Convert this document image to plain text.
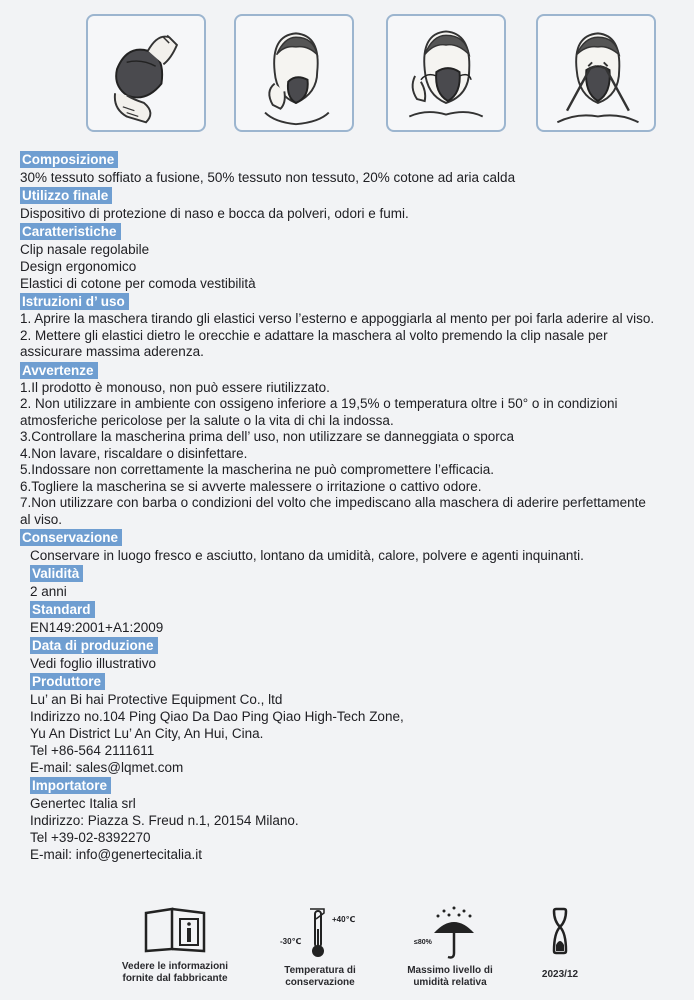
Composizione
30% tessuto soffiato a fusione, 50% tessuto non tessuto, 20% cotone ad aria calda
Utilizzo finale
Dispositivo di protezione di naso e bocca da polveri, odori e fumi.
Caratteristiche
Clip nasale regolabile
Design ergonomico
Elastici di cotone per comoda vestibilità
Istruzioni d’ uso
1. Aprire la maschera tirando gli elastici verso l’esterno e appoggiarla al mento per poi farla aderire al viso.
2. Mettere gli elastici dietro le orecchie e adattare la maschera al volto premendo la clip nasale per assicurare massima aderenza.
Avvertenze
1.Il prodotto è monouso, non può essere riutilizzato.
2. Non utilizzare in ambiente con ossigeno inferiore a 19,5% o temperatura oltre i 50° o in condizioni atmosferiche pericolose per la salute o la vita di chi la indossa.
3.Controllare la mascherina prima dell’ uso, non utilizzare se danneggiata o sporca
4.Non lavare, riscaldare o disinfettare.
5.Indossare non correttamente la mascherina ne può compromettere l’efficacia.
6.Togliere la mascherina se si avverte malessere o irritazione o cattivo odore.
7.Non utilizzare con barba o condizioni del volto che impediscano alla maschera di aderire perfettamente al viso.
Conservazione
Conservare in luogo fresco e asciutto, lontano da umidità, calore, polvere e agenti inquinanti.
Validità
2 anni
Standard
EN149:2001+A1:2009
Data di produzione
Vedi foglio illustrativo
Produttore
Lu’ an Bi hai Protective Equipment Co., ltd
Indirizzo no.104 Ping Qiao Da Dao Ping Qiao High-Tech Zone,
Yu An District Lu’ An City, An Hui, Cina.
Tel +86-564 2111611
E-mail: sales@lqmet.com
Importatore
Genertec Italia srl
Indirizzo: Piazza S. Freud n.1, 20154 Milano.
Tel +39-02-8392270
E-mail: info@genertecitalia.it
Vedere le informazioni
fornite dal fabbricante
+40℃
-30℃
Temperatura di
conservazione
≤80%
Massimo livello di
umidità relativa
2023/12
